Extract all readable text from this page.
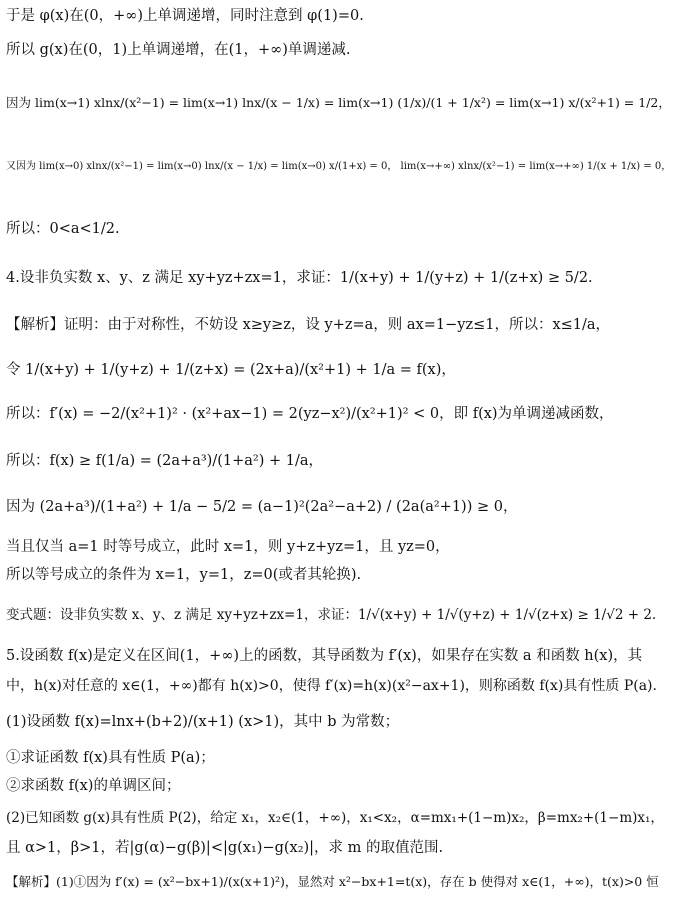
于是 φ(x)在(0，+∞)上单调递增，同时注意到 φ(1)=0.
所以 g(x)在(0，1)上单调递增，在(1，+∞)单调递减.
因为 lim(x→1) xlnx/(x²−1) = lim(x→1) lnx/(x − 1/x) = lim(x→1) (1/x)/(1 + 1/x²) = lim(x→1) x/(x²+1) = 1/2，
又因为 lim(x→0) xlnx/(x²−1) = lim(x→0) lnx/(x − 1/x) = lim(x→0) x/(1+x) = 0， lim(x→+∞) xlnx/(x²−1) = lim(x→+∞) 1/(x + 1/x) = 0，
所以：0<a<1/2.
4.设非负实数 x、y、z 满足 xy+yz+zx=1，求证：1/(x+y) + 1/(y+z) + 1/(z+x) ≥ 5/2.
【解析】证明：由于对称性，不妨设 x≥y≥z，设 y+z=a，则 ax=1−yz≤1，所以：x≤1/a，
令 1/(x+y) + 1/(y+z) + 1/(z+x) = (2x+a)/(x²+1) + 1/a = f(x)，
所以：f′(x) = −2/(x²+1)² · (x²+ax−1) = 2(yz−x²)/(x²+1)² < 0，即 f(x)为单调递减函数，
所以：f(x) ≥ f(1/a) = (2a+a³)/(1+a²) + 1/a，
因为 (2a+a³)/(1+a²) + 1/a − 5/2 = (a−1)²(2a²−a+2) / (2a(a²+1)) ≥ 0，
当且仅当 a=1 时等号成立，此时 x=1，则 y+z+yz=1，且 yz=0，
所以等号成立的条件为 x=1，y=1，z=0(或者其轮换).
变式题：设非负实数 x、y、z 满足 xy+yz+zx=1，求证：1/√(x+y) + 1/√(y+z) + 1/√(z+x) ≥ 1/√2 + 2.
5.设函数 f(x)是定义在区间(1，+∞)上的函数，其导函数为 f′(x)，如果存在实数 a 和函数 h(x)，其
中，h(x)对任意的 x∈(1，+∞)都有 h(x)>0，使得 f′(x)=h(x)(x²−ax+1)，则称函数 f(x)具有性质 P(a).
(1)设函数 f(x)=lnx+(b+2)/(x+1) (x>1)，其中 b 为常数；
①求证函数 f(x)具有性质 P(a)；
②求函数 f(x)的单调区间；
(2)已知函数 g(x)具有性质 P(2)，给定 x₁，x₂∈(1，+∞)，x₁<x₂，α=mx₁+(1−m)x₂，β=mx₂+(1−m)x₁，
且 α>1，β>1，若|g(α)−g(β)|<|g(x₁)−g(x₂)|，求 m 的取值范围.
【解析】(1)①因为 f′(x) = (x²−bx+1)/(x(x+1)²)，显然对 x²−bx+1=t(x)，存在 b 使得对 x∈(1，+∞)，t(x)>0 恒
